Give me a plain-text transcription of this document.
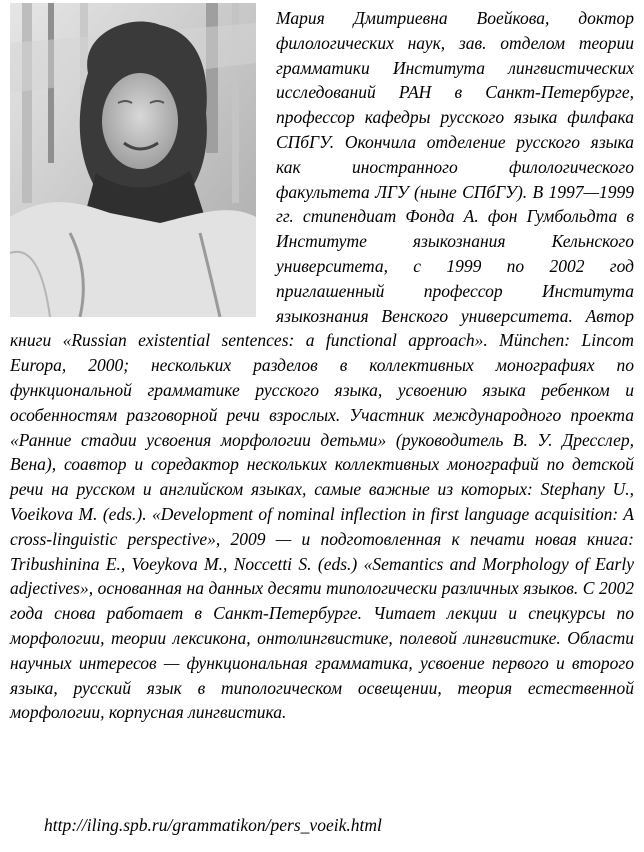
Мария Дмитриевна Воейкова, доктор филологических наук, зав. отделом теории грамматики Института лингвистических исследований РАН в Санкт-Петербурге, профессор кафедры русского языка филфака СПбГУ. Окончила отделение русского языка как иностранного филологического факультета ЛГУ (ныне СПбГУ). В 1997—1999 гг. стипендиат Фонда А. фон Гумбольдта в Институте языкознания Кельнского университета, с 1999 по 2002 год приглашенный профессор Института языкознания Венского университета. Автор книги «Russian existential sentences: a functional approach». München: Lincom Europa, 2000; нескольких разделов в коллективных монографиях по функциональной грамматике русского языка, усвоению языка ребенком и особенностям разговорной речи взрослых. Участник международного проекта «Ранние стадии усвоения морфологии детьми» (руководитель В. У. Дресслер, Вена), соавтор и соредактор нескольких коллективных монографий по детской речи на русском и английском языках, самые важные из которых: Stephany U., Voeikova M. (eds.). «Development of nominal inflection in first language acquisition: A cross-linguistic perspective», 2009 — и подготовленная к печати новая книга: Tribushinina E., Voeykova M., Noccetti S. (eds.) «Semantics and Morphology of Early adjectives», основанная на данных десяти типологически различных языков. С 2002 года снова работает в Санкт-Петербурге. Читает лекции и спецкурсы по морфологии, теории лексикона, онтолингвистике, полевой лингвистике. Области научных интересов — функциональная грамматика, усвоение первого и второго языка, русский язык в типологическом освещении, теория естественной морфологии, корпусная лингвистика.

http://iling.spb.ru/grammatikon/pers_voeik.html
